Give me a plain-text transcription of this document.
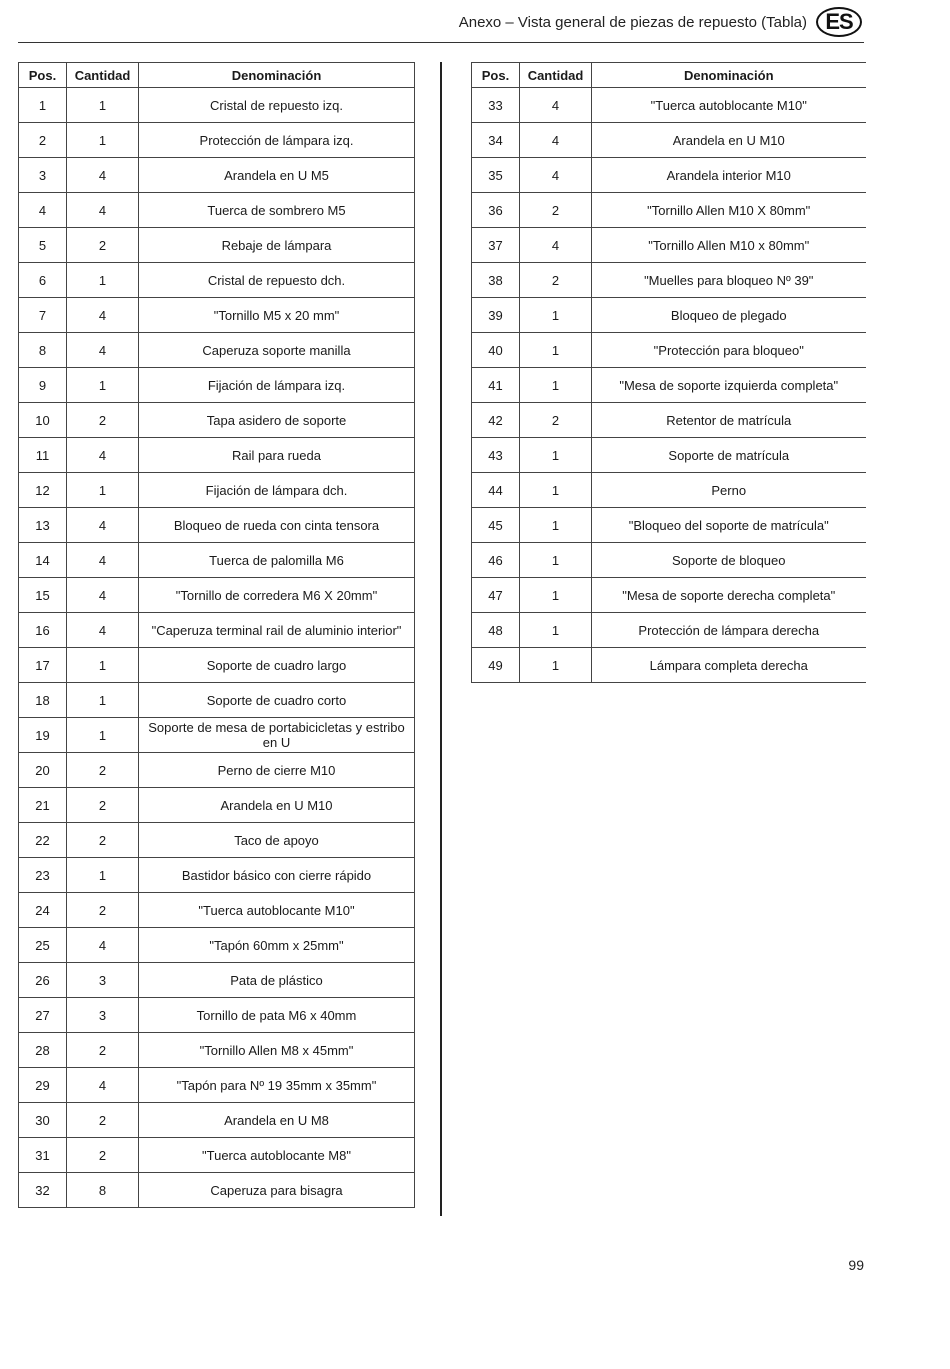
Anexo – Vista general de piezas de repuesto (Tabla) ES
Pos.	Cantidad	Denominación
1	1	Cristal de repuesto izq.
2	1	Protección de lámpara izq.
3	4	Arandela en U M5
4	4	Tuerca de sombrero M5
5	2	Rebaje de lámpara
6	1	Cristal de repuesto dch.
7	4	"Tornillo M5 x 20 mm"
8	4	Caperuza soporte manilla
9	1	Fijación de lámpara izq.
10	2	Tapa asidero de soporte
11	4	Rail para rueda
12	1	Fijación de lámpara dch.
13	4	Bloqueo de rueda con cinta tensora
14	4	Tuerca de palomilla M6
15	4	"Tornillo de corredera M6 X 20mm"
16	4	"Caperuza terminal rail de aluminio interior"
17	1	Soporte de cuadro largo
18	1	Soporte de cuadro corto
19	1	Soporte de mesa de portabicicletas y estribo en U
20	2	Perno de cierre M10
21	2	Arandela en U M10
22	2	Taco de apoyo
23	1	Bastidor básico con cierre rápido
24	2	"Tuerca autoblocante M10"
25	4	"Tapón 60mm x 25mm"
26	3	Pata de plástico
27	3	Tornillo de pata M6 x 40mm
28	2	"Tornillo Allen M8 x 45mm"
29	4	"Tapón para Nº 19 35mm x 35mm"
30	2	Arandela en U M8
31	2	"Tuerca autoblocante M8"
32	8	Caperuza para bisagra
Pos.	Cantidad	Denominación
33	4	"Tuerca autoblocante M10"
34	4	Arandela en U M10
35	4	Arandela interior M10
36	2	"Tornillo Allen M10 X 80mm"
37	4	"Tornillo Allen M10 x 80mm"
38	2	"Muelles para bloqueo Nº 39"
39	1	Bloqueo de plegado
40	1	"Protección para bloqueo"
41	1	"Mesa de soporte izquierda completa"
42	2	Retentor de matrícula
43	1	Soporte de matrícula
44	1	Perno
45	1	"Bloqueo del soporte de matrícula"
46	1	Soporte de bloqueo
47	1	"Mesa de soporte derecha completa"
48	1	Protección de lámpara derecha
49	1	Lámpara completa derecha
99
